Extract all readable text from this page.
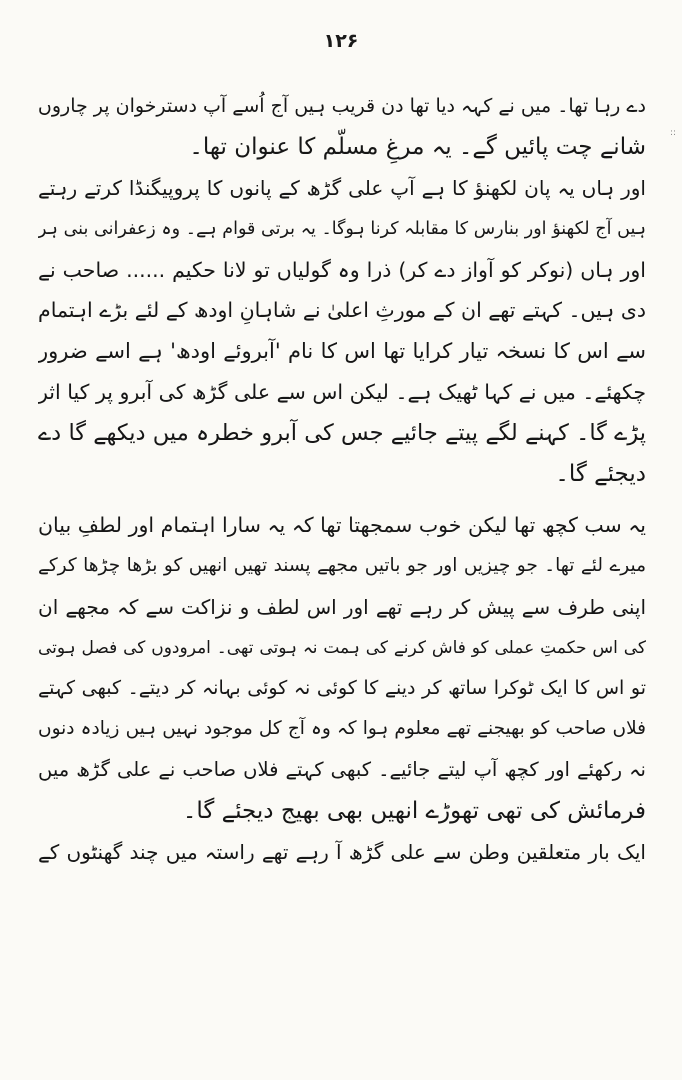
۱۲۶
::
دے رہا تھا۔ میں نے کہہ دیا تھا دن قریب ہیں آج اُسے آپ دسترخوان پر چاروں
شانے چت پائیں گے۔ یہ مرغِ مسلّم کا عنوان تھا۔
اور ہاں یہ پان لکھنؤ کا ہے آپ علی گڑھ کے پانوں کا پروپیگنڈا کرتے رہتے
ہیں آج لکھنؤ اور بنارس کا مقابلہ کرنا ہوگا۔ یہ برتی قوام ہے۔ وہ زعفرانی بنی ہر
اور ہاں (نوکر کو آواز دے کر) ذرا وہ گولیاں تو لانا حکیم ...... صاحب نے
دی ہیں۔ کہتے تھے ان کے مورثِ اعلیٰ نے شاہانِ اودھ کے لئے بڑے اہتمام
سے اس کا نسخہ تیار کرایا تھا اس کا نام 'آبروئے اودھ' ہے اسے ضرور
چکھئے۔ میں نے کہا ٹھیک ہے۔ لیکن اس سے علی گڑھ کی آبرو پر کیا اثر
پڑے گا۔ کہنے لگے پیتے جائیے جس کی آبرو خطرہ میں دیکھے گا دے
دیجئے گا۔
یہ سب کچھ تھا لیکن خوب سمجھتا تھا کہ یہ سارا اہتمام اور لطفِ بیان
میرے لئے تھا۔ جو چیزیں اور جو باتیں مجھے پسند تھیں انھیں کو بڑھا چڑھا کرکے
اپنی طرف سے پیش کر رہے تھے اور اس لطف و نزاکت سے کہ مجھے ان
کی اس حکمتِ عملی کو فاش کرنے کی ہمت نہ ہوتی تھی۔ امرودوں کی فصل ہوتی
تو اس کا ایک ٹوکرا ساتھ کر دینے کا کوئی نہ کوئی بہانہ کر دیتے۔ کبھی کہتے
فلاں صاحب کو بھیجنے تھے معلوم ہوا کہ وہ آج کل موجود نہیں ہیں زیادہ دنوں
نہ رکھئے اور کچھ آپ لیتے جائیے۔ کبھی کہتے فلاں صاحب نے علی گڑھ میں
فرمائش کی تھی تھوڑے انھیں بھی بھیج دیجئے گا۔
ایک بار متعلقین وطن سے علی گڑھ آ رہے تھے راستہ میں چند گھنٹوں کے
